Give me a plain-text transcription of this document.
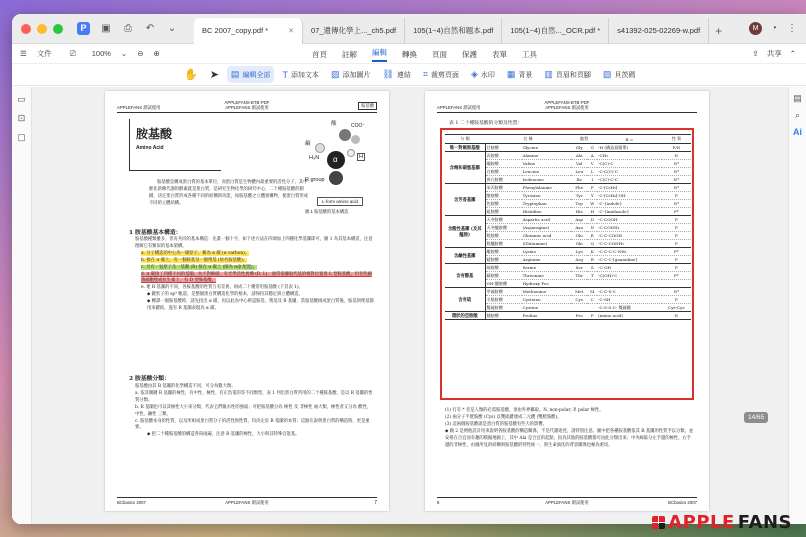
P	▣ ⎙ ↶ ⌄	BC 2007_copy.pdf *	✕ 07_遺傳化學上..._ch5.pdf 105(1~4)自然和題本.pdf 105(1~4)自然..._OCR.pdf * s41392-025-02269-w.pdf	+	M	◔ ⋮
☰ 文件 ⎚ 100% ⌄ ⊖ ⊕	首頁 註解 編輯 轉換 頁面 保護 表單 工具	⇪ 共享 ⌃
✋	➤	▤ 編輯全部 T 添加文本 ▨ 添加圖片 ⛓ 連結 ⌗ 裁剪頁面 ◈ 水印 ▦ 背景 ▥ 頁眉和頁腳 ▧ 貝茨碼
▭
⊡
▢
APPLEFANS 測試使用
APPLEFANS-BTB-PDF
APPLEFANS 測試使用	胺基酸
胺基酸
Amino Acid
胺基酸是構成蛋白質的基本單位，而蛋白質是生物體內最重要的活性分子，其中催化新陳代謝的酵素就是蛋白質，是研究生物化學的研究中心，二十種胺基酸的側鏈，決定蛋白質形成各種不同的結構與功能，如胺基酸之立體異構物，使蛋白質形成不同的立體結構。
酸	COO⁻
鹼
H₃N α	H
R group
L-form amino acid
圖 1 胺基酸的基本構造
1 胺基酸基本構造：
胺基酸種類雖多，但有共同的基本構造：先畫一個十字，如下述方法在四端加上四種化學基團即可，圖 1 為其基本構造，注意理解它有類似的基本架構。
a. 分子構造的中心為一碳原子，稱為 α 碳 (α carbon)。
b. 接在 α 碳上，有一個胺基及一個羧基 (故名胺基酸)。
c. 另有一氫原子及一基團 (R) 接在 α 碳上 (圖為 α/β 配置)。
d. α 碳接了四種不同的基團，為不對稱碳，有光學活性異構 (D, L)，通常依據取代基的相對位置用 L 型胺基酸，但有些細菌細胞壁或抗生素上，有 D 型胺基酸。
e. 連 R 基團的不同，各胺基酸的性質互有差異，組成二十種常用胺基酸 (下頁表 1)。
◆ 鍵狀子的 sp³ 軌道，是整個蛋白質構造化學的根本，請保持其穩定與立體構造。
◆ 轉譯一個胺基酸時，請先找出 α 碳，再以此為中心辨認胺基、羧基及 R 基團，當胺基酸組成蛋白質後，胺基與羧基都用來鍵結，遂有 R 基團表現為 α 碳。
2 胺基酸分類：
胺基酸由其 R 基團的化學構造不同，可分為數大類。
a. 依其側鏈 R 基團的極性，有中性、極性、有正負電的等不同類型，表 1 列出蛋白質所用的二十種胺基酸，是以 R 基團的性質分類。
b. R 基團也可以其極性大小來分類，代表它們親水性的強弱；可把胺基酸分為 極性 及 非極性 兩大類，極性者又分為 酸性、中性、鹼性 三類。
c. 胺基酸本身的性質，以及所組成蛋白質分子的活性與性質，均決定於 R 基團的本質；這點在說明蛋白質的構造時，更是重要。
◆ 把二十種胺基酸的構造各寫兩遍，注意 R 基團的極性，大小與其特殊官能基。
BCbasics 2007	APPLEFANS 測試使用	7
APPLEFANS 測試使用
APPLEFANS-BTB-PDF
APPLEFANS 測試使用
表 1 二十種胺基酸的分類及性質：
分 類	名 稱		縮寫		R =	性 質
唯一對稱胺基酸	甘胺酸	Glycine	Gly	G	-H (構造最簡單)	P/N
含飽和碳氫基團	丙胺酸	Alanine	Ala	A	-CH₃	N
	纈胺酸	Valine	Val	V	-C(C)-C	N*
	白胺酸	Leucine	Leu	L	-C-C(C)-C	N*
	異白胺酸	Isoleucine	Ile	I	-C(C)-C-C	N*
含芳香基團	苯丙胺酸	Phenylalanine	Phe	F	-C-[C₆H₅]	N*
	酪胺酸	Tyrosine	Tyr	Y	-C-[C₆H₄]-OH	P
	色胺酸	Tryptophan	Trp	W	-C-{indole}	N*
	組胺酸	Histidine	His	H	-C-{imidazole}	P*
含酸性基團 (及其醯胺)	天冬胺酸	Aspartic acid	Asp	D	-C-COOH	P
	天冬醯胺酸	(Asparagine)	Asn	N	-C-CONH₂	P
	麩胺酸	Glutamic acid	Glu	E	-C-C-COOH	P
	麩醯胺酸	(Glutamine)	Gln	Q	-C-C-CONH₂	P
含鹼性基團	離胺酸	Lysine	Lys	K	-C-C-C-C-NH₂	P*
	精胺酸	Arginine	Arg	R	-C-C-C-[guanidine]	P
含有醇基	絲胺酸	Serine	Ser	S	-C-OH	P
	蘇胺酸	Threonine	Thr	T	-C(OH)-C	P*
	OH-脯胺酸	Hydroxy Pro				
含有硫	甲硫胺酸	Methionine	Met	M	-C-C-S-C	N*
	半胱胺酸	Cysteine	Cys	C	-C-SH	P
	雙硫胺酸	Cystine			-C-S-S-C- 雙硫鍵	Cys-Cys
環狀的亞胺酸	脯胺酸	Proline	Pro	P	(imino acid)	N
(1) 打有 * 者是人類的必需胺基酸，須由外界攝取。N, non-polar; P, polar 極性。
(2) 兩分子半胱胺酸 (Cys) 以雙硫鍵連成二元體 (雙胱胺酸)。
(3) 這兩個胺基酸就是蛋白質的胺基酸有些大的影響。
◆ 圖 2 是例他設計用來說明各胺基酸的構造關係，不是代謝途徑，請特別注意。圖中把各種胺基酸依其 R 基團的性質予以分類，並安排在合宜而有趣的模擬地圖上，其中 Ala 是合宜的起點，因為其他的胺基酸都可由此分類出來；中央線區分左手邊的極性，右手邊的非極性，由圖所見的結構與胺基酸的特性統一，與生命演化的背景關係也極為密切。
8	APPLEFANS 測試使用	BCbasics 2007
▤
⌕
Ai
14/65
APPLE FANS
